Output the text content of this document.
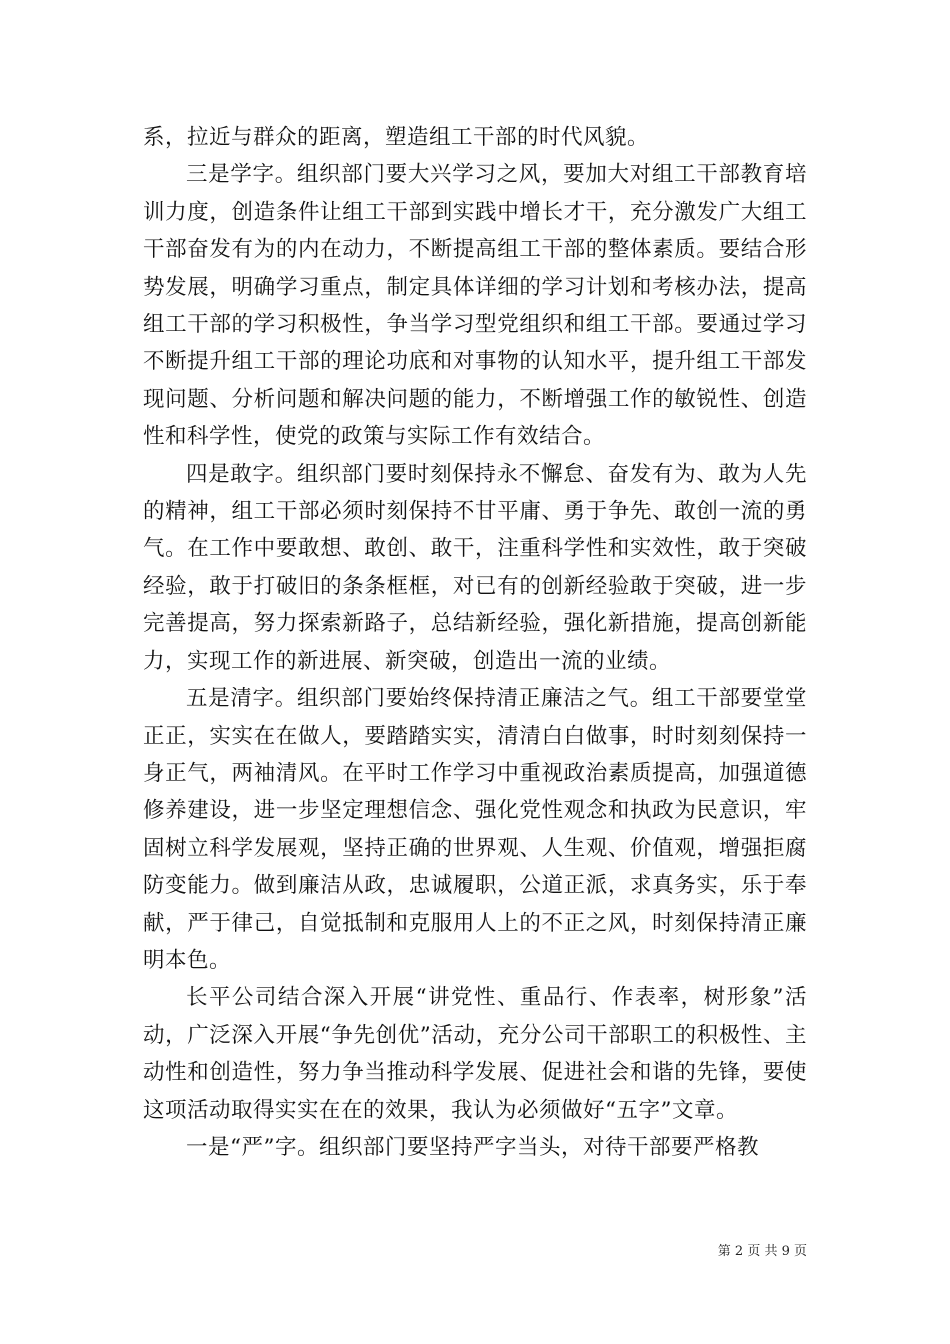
系，拉近与群众的距离，塑造组工干部的时代风貌。

三是学字。组织部门要大兴学习之风，要加大对组工干部教育培训力度，创造条件让组工干部到实践中增长才干，充分激发广大组工干部奋发有为的内在动力，不断提高组工干部的整体素质。要结合形势发展，明确学习重点，制定具体详细的学习计划和考核办法，提高组工干部的学习积极性，争当学习型党组织和组工干部。要通过学习不断提升组工干部的理论功底和对事物的认知水平，提升组工干部发现问题、分析问题和解决问题的能力，不断增强工作的敏锐性、创造性和科学性，使党的政策与实际工作有效结合。

四是敢字。组织部门要时刻保持永不懈怠、奋发有为、敢为人先的精神，组工干部必须时刻保持不甘平庸、勇于争先、敢创一流的勇气。在工作中要敢想、敢创、敢干，注重科学性和实效性，敢于突破经验，敢于打破旧的条条框框，对已有的创新经验敢于突破，进一步完善提高，努力探索新路子，总结新经验，强化新措施，提高创新能力，实现工作的新进展、新突破，创造出一流的业绩。

五是清字。组织部门要始终保持清正廉洁之气。组工干部要堂堂正正，实实在在做人，要踏踏实实，清清白白做事，时时刻刻保持一身正气，两袖清风。在平时工作学习中重视政治素质提高，加强道德修养建设，进一步坚定理想信念、强化党性观念和执政为民意识，牢固树立科学发展观，坚持正确的世界观、人生观、价值观，增强拒腐防变能力。做到廉洁从政，忠诚履职，公道正派，求真务实，乐于奉献，严于律己，自觉抵制和克服用人上的不正之风，时刻保持清正廉明本色。

长平公司结合深入开展“讲党性、重品行、作表率，树形象”活动，广泛深入开展“争先创优”活动，充分公司干部职工的积极性、主动性和创造性，努力争当推动科学发展、促进社会和谐的先锋，要使这项活动取得实实在在的效果，我认为必须做好“五字”文章。

一是“严”字。组织部门要坚持严字当头，对待干部要严格教

第 2 页 共 9 页
